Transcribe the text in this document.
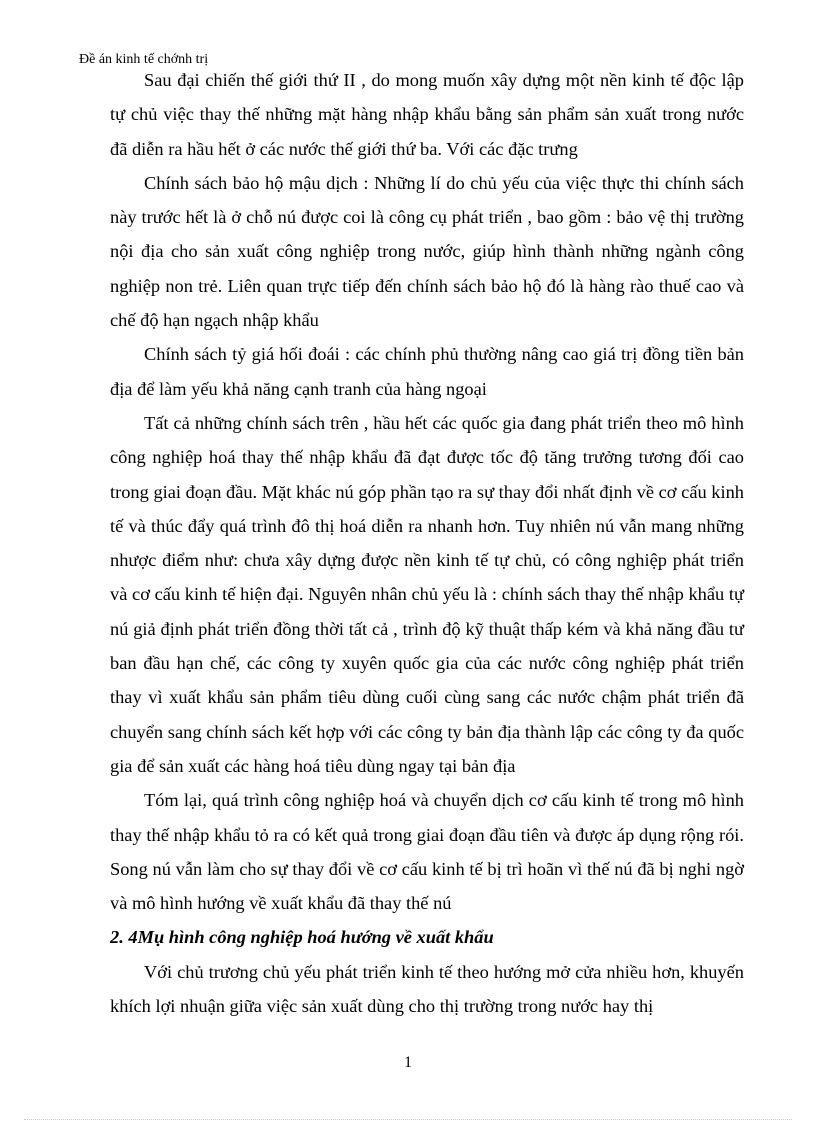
Đề án kinh tế chớnh trị

Sau đại chiến thế giới thứ II , do mong muốn xây dựng một nền kinh tế độc lập tự chủ việc thay thế những mặt hàng nhập khẩu bằng sản phẩm sản xuất trong nước đã diễn ra hầu hết ở các nước thế giới thứ ba. Với các đặc trưng

Chính sách bảo hộ mậu dịch : Những lí do chủ yếu của việc thực thi chính sách này trước hết là ở chỗ nú được coi là công cụ phát triển , bao gồm : bảo vệ thị trường nội địa cho sản xuất công nghiệp trong nước, giúp hình thành những ngành công nghiệp non trẻ. Liên quan trực tiếp đến chính sách bảo hộ đó là hàng rào thuế cao và chế độ hạn ngạch nhập khẩu

Chính sách tỷ giá hối đoái : các chính phủ thường nâng cao giá trị đồng tiền bản địa để làm yếu khả năng cạnh tranh của hàng ngoại

Tất cả những chính sách trên , hầu hết các quốc gia đang phát triển theo mô hình công nghiệp hoá thay thế nhập khẩu đã đạt được tốc độ tăng trưởng tương đối cao trong giai đoạn đầu. Mặt khác nú góp phần tạo ra sự thay đổi nhất định về cơ cấu kinh tế và thúc đẩy quá trình đô thị hoá diễn ra nhanh hơn. Tuy nhiên nú vẫn mang những nhược điểm như: chưa xây dựng được nền kinh tế tự chủ, có công nghiệp phát triển và cơ cấu kinh tế hiện đại. Nguyên nhân chủ yếu là : chính sách thay thế nhập khẩu tự nú giả định phát triển đồng thời tất cả , trình độ kỹ thuật thấp kém và khả năng đầu tư ban đầu hạn chế, các công ty xuyên quốc gia của các nước công nghiệp phát triển thay vì xuất khẩu sản phẩm tiêu dùng cuối cùng sang các nước chậm phát triển đã chuyển sang chính sách kết hợp với các công ty bản địa thành lập các công ty đa quốc gia để sản xuất các hàng hoá tiêu dùng ngay tại bản địa

Tóm lại, quá trình công nghiệp hoá và chuyển dịch cơ cấu kinh tế trong mô hình thay thế nhập khẩu tỏ ra có kết quả trong giai đoạn đầu tiên và được áp dụng rộng rói. Song nú vẫn làm cho sự thay đổi về cơ cấu kinh tế bị trì hoãn vì thế nú đã bị nghi ngờ và mô hình hướng về xuất khẩu đã thay thế nú

2. 4Mụ hình công nghiệp hoá hướng về xuất khẩu

Với chủ trương chủ yếu phát triển kinh tế theo hướng mở cửa nhiều hơn, khuyến khích lợi nhuận giữa việc sản xuất dùng cho thị trường trong nước hay thị

1
